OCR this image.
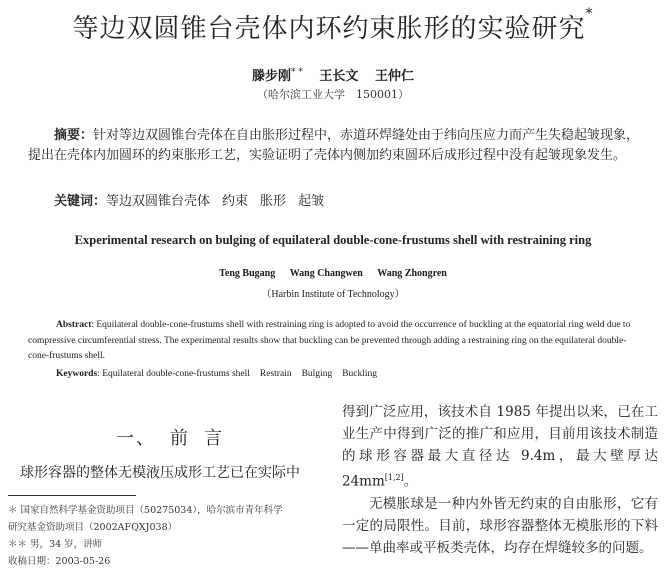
等边双圆锥台壳体内环约束胀形的实验研究*
滕步刚* * 王长文 王仲仁
（哈尔滨工业大学　150001）
摘要：针对等边双圆锥台壳体在自由胀形过程中，赤道环焊缝处由于纬向压应力而产生失稳起皱现象，提出在壳体内加圆环的约束胀形工艺，实验证明了壳体内侧加约束圆环后成形过程中没有起皱现象发生。
关键词：等边双圆锥台壳体 约束 胀形 起皱
Experimental research on bulging of equilateral double-cone-frustums shell with restraining ring
Teng Bugang Wang Changwen Wang Zhongren
（Harbin Institute of Technology）
Abstract: Equilateral double-cone-frustums shell with restraining ring is adopted to avoid the occurrence of buckling at the equatorial ring weld due to compressive circumferential stress. The experimental results show that buckling can be prevented through adding a restraining ring on the equilateral double-cone-frustums shell.
Keywords: Equilateral double-cone-frustums shell Restrain Bulging Buckling
一、 前 言
球形容器的整体无模液压成形工艺已在实际中
＊ 国家自然科学基金资助项目（50275034），哈尔滨市青年科学
研究基金资助项目（2002AFQXJ038）
＊＊ 男，34 岁，讲师
收稿日期：2003-05-26

得到广泛应用，该技术自 1985 年提出以来，已在工业生产中得到广泛的推广和应用，目前用该技术制造的球形容器最大直径达 9.4m，最大壁厚达 24mm[1,2]。

无模胀球是一种内外皆无约束的自由胀形，它有一定的局限性。目前，球形容器整体无模胀形的下料——单曲率或平板类壳体，均存在焊缝较多的问题。
